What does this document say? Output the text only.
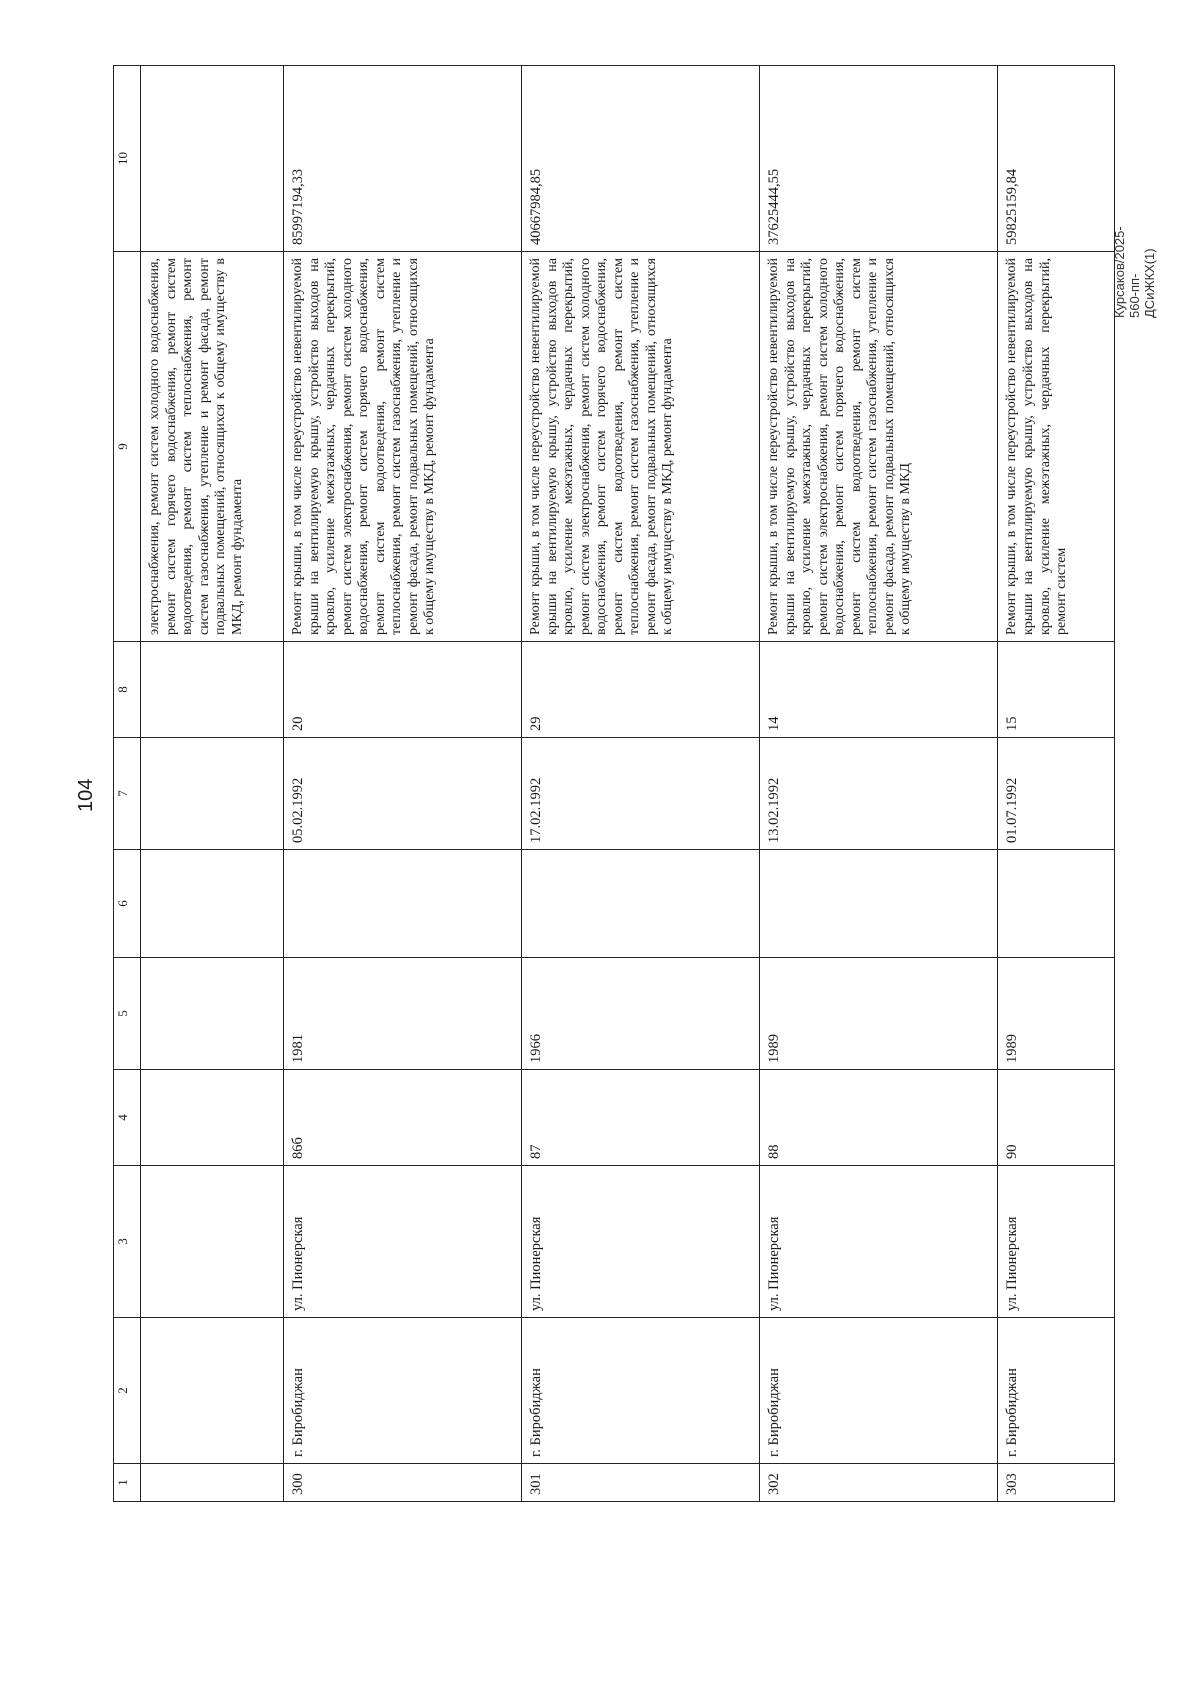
104
Курсаков/2025-560-пп-ДСиЖКХ(1)
1	2	3	4	5	6	7	8	9	10
								электроснабжения, ремонт систем холодного водоснабжения, ремонт систем горячего водоснабжения, ремонт систем водоотведения, ремонт систем теплоснабжения, ремонт систем газоснабжения, утепление и ремонт фасада, ремонт подвальных помещений, относящихся к общему имуществу в МКД, ремонт фундамента	
300	г. Биробиджан	ул. Пионерская	86б	1981		05.02.1992	20	Ремонт крыши, в том числе переустройство невентилируемой крыши на вентилируемую крышу, устройство выходов на кровлю, усиление межэтажных, чердачных перекрытий, ремонт систем электроснабжения, ремонт систем холодного водоснабжения, ремонт систем горячего водоснабжения, ремонт систем водоотведения, ремонт систем теплоснабжения, ремонт систем газоснабжения, утепление и ремонт фасада, ремонт подвальных помещений, относящихся к общему имуществу в МКД, ремонт фундамента	85997194,33
301	г. Биробиджан	ул. Пионерская	87	1966		17.02.1992	29	Ремонт крыши, в том числе переустройство невентилируемой крыши на вентилируемую крышу, устройство выходов на кровлю, усиление межэтажных, чердачных перекрытий, ремонт систем электроснабжения, ремонт систем холодного водоснабжения, ремонт систем горячего водоснабжения, ремонт систем водоотведения, ремонт систем теплоснабжения, ремонт систем газоснабжения, утепление и ремонт фасада, ремонт подвальных помещений, относящихся к общему имуществу в МКД, ремонт фундамента	40667984,85
302	г. Биробиджан	ул. Пионерская	88	1989		13.02.1992	14	Ремонт крыши, в том числе переустройство невентилируемой крыши на вентилируемую крышу, устройство выходов на кровлю, усиление межэтажных, чердачных перекрытий, ремонт систем электроснабжения, ремонт систем холодного водоснабжения, ремонт систем горячего водоснабжения, ремонт систем водоотведения, ремонт систем теплоснабжения, ремонт систем газоснабжения, утепление и ремонт фасада, ремонт подвальных помещений, относящихся к общему имуществу в МКД	37625444,55
303	г. Биробиджан	ул. Пионерская	90	1989		01.07.1992	15	Ремонт крыши, в том числе переустройство невентилируемой крыши на вентилируемую крышу, устройство выходов на кровлю, усиление межэтажных, чердачных перекрытий, ремонт систем	59825159,84
